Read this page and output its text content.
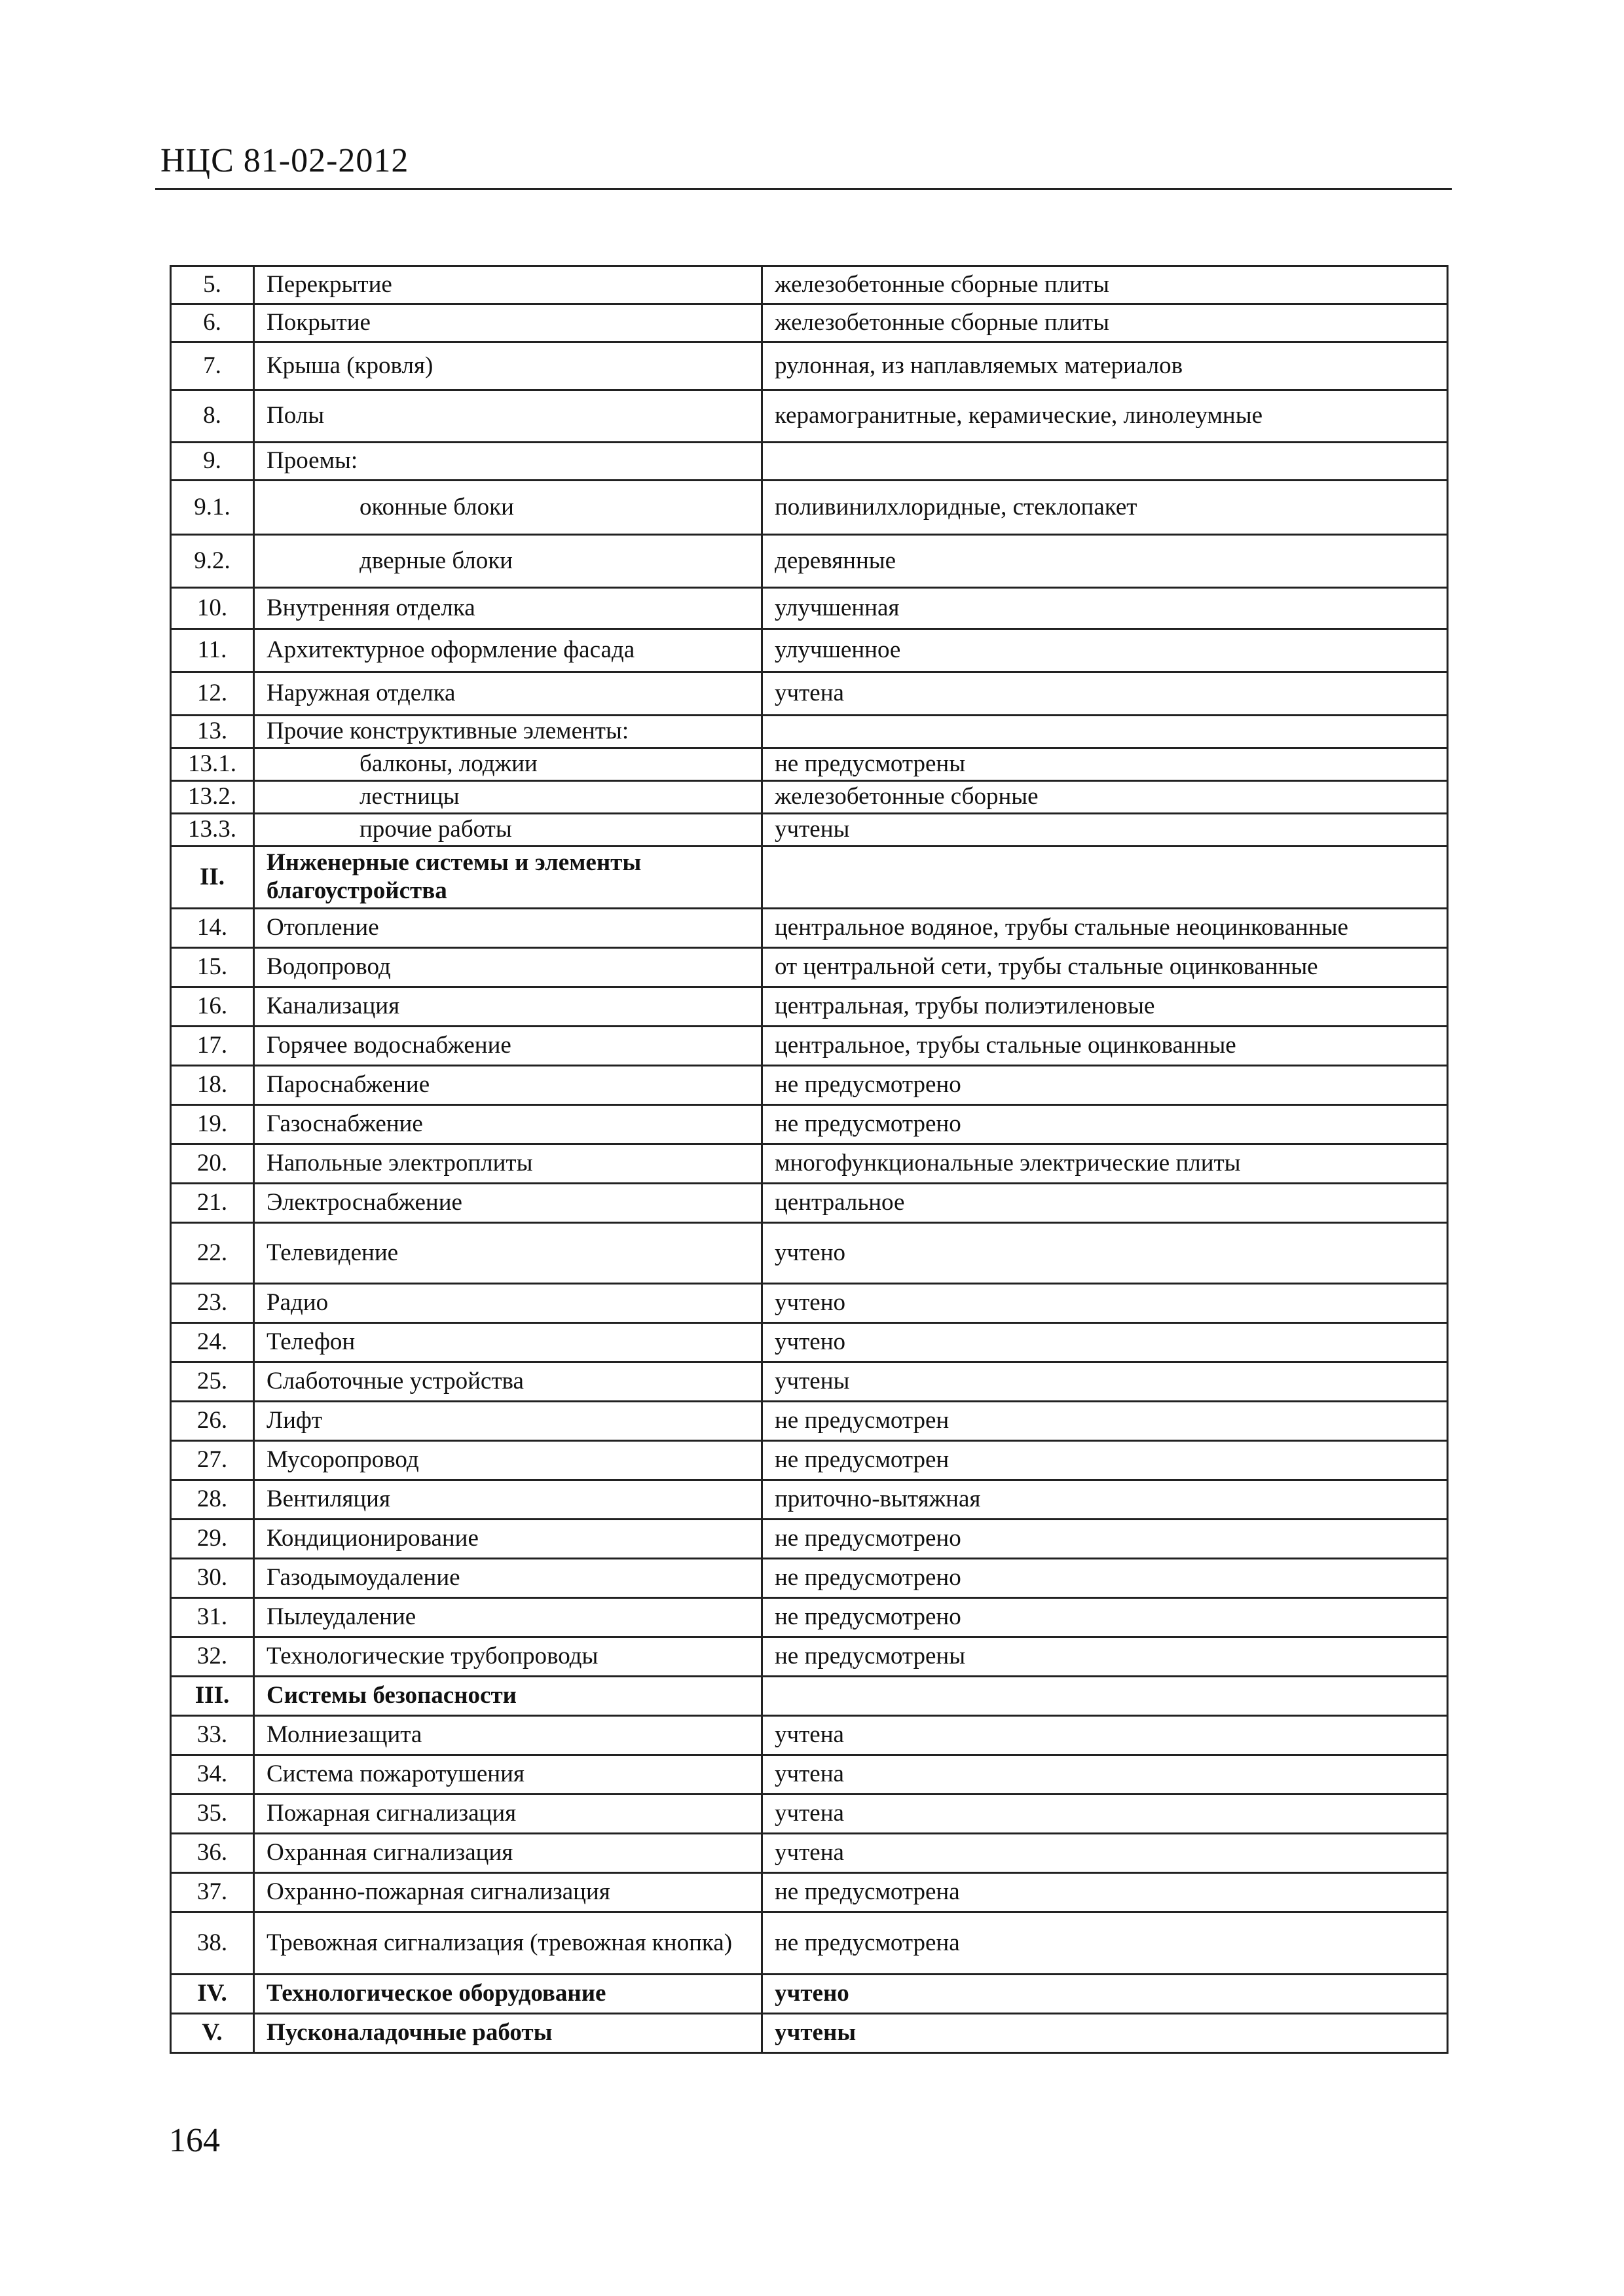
НЦС 81-02-2012
5.	Перекрытие	железобетонные сборные плиты
6.	Покрытие	железобетонные сборные плиты
7.	Крыша (кровля)	рулонная, из наплавляемых материалов
8.	Полы	керамогранитные, керамические, линолеумные
9.	Проемы:	
9.1.	оконные блоки	поливинилхлоридные, стеклопакет
9.2.	дверные блоки	деревянные
10.	Внутренняя отделка	улучшенная
11.	Архитектурное оформление фасада	улучшенное
12.	Наружная отделка	учтена
13.	Прочие конструктивные элементы:	
13.1.	балконы, лоджии	не предусмотрены
13.2.	лестницы	железобетонные сборные
13.3.	прочие работы	учтены
II.	Инженерные системы и элементы благоустройства	
14.	Отопление	центральное водяное, трубы стальные неоцинкованные
15.	Водопровод	от центральной сети, трубы стальные оцинкованные
16.	Канализация	центральная, трубы полиэтиленовые
17.	Горячее водоснабжение	центральное, трубы стальные оцинкованные
18.	Пароснабжение	не предусмотрено
19.	Газоснабжение	не предусмотрено
20.	Напольные электроплиты	многофункциональные электрические плиты
21.	Электроснабжение	центральное
22.	Телевидение	учтено
23.	Радио	учтено
24.	Телефон	учтено
25.	Слаботочные устройства	учтены
26.	Лифт	не предусмотрен
27.	Мусоропровод	не предусмотрен
28.	Вентиляция	приточно-вытяжная
29.	Кондиционирование	не предусмотрено
30.	Газодымоудаление	не предусмотрено
31.	Пылеудаление	не предусмотрено
32.	Технологические трубопроводы	не предусмотрены
III.	Системы безопасности	
33.	Молниезащита	учтена
34.	Система пожаротушения	учтена
35.	Пожарная сигнализация	учтена
36.	Охранная сигнализация	учтена
37.	Охранно-пожарная сигнализация	не предусмотрена
38.	Тревожная сигнализация (тревожная кнопка)	не предусмотрена
IV.	Технологическое оборудование	учтено
V.	Пусконаладочные работы	учтены
164
